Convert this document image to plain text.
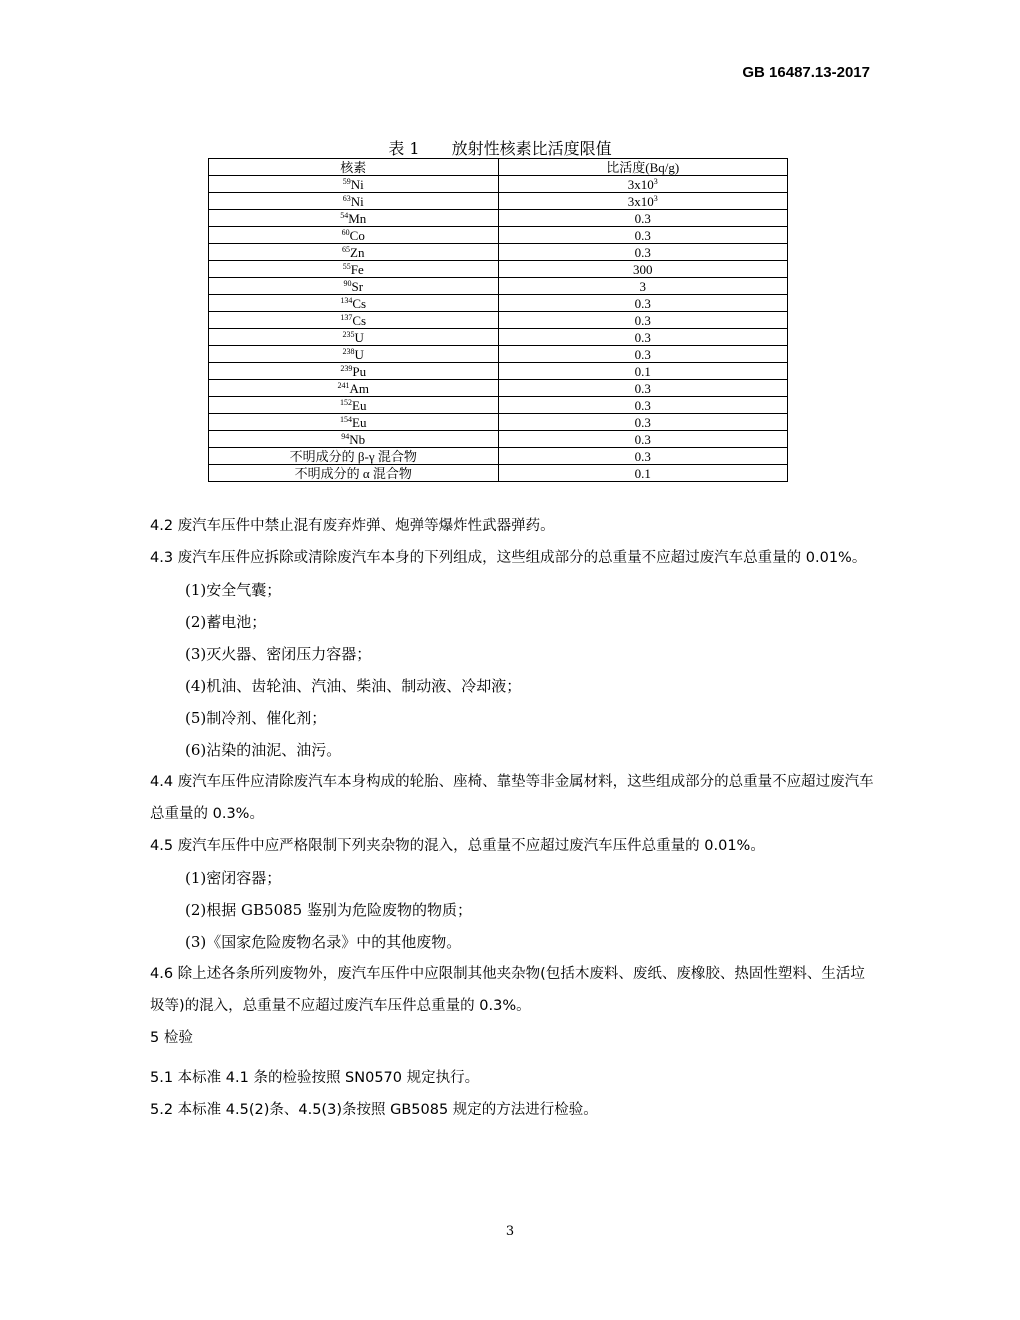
GB 16487.13-2017
表 1 放射性核素比活度限值
核素	比活度(Bq/g)
$^{59}$Ni	$3x10^3$
$^{63}$Ni	$3x10^3$
$^{54}$Mn	0.3
$^{60}$Co	0.3
$^{65}$Zn	0.3
$^{55}$Fe	300
$^{90}$Sr	3
$^{134}$Cs	0.3
$^{137}$Cs	0.3
$^{235}$U	0.3
$^{238}$U	0.3
$^{239}$Pu	0.1
$^{241}$Am	0.3
$^{152}$Eu	0.3
$^{154}$Eu	0.3
$^{94}$Nb	0.3
不明成分的 β-γ 混合物	0.3
不明成分的 α 混合物	0.1

4.2 废汽车压件中禁止混有废弃炸弹、炮弹等爆炸性武器弹药。

4.3 废汽车压件应拆除或清除废汽车本身的下列组成，这些组成部分的总重量不应超过废汽车总重量的 0.01%。

(1)安全气囊；

(2)蓄电池；

(3)灭火器、密闭压力容器；

(4)机油、齿轮油、汽油、柴油、制动液、冷却液；

(5)制冷剂、催化剂；

(6)沾染的油泥、油污。

4.4 废汽车压件应清除废汽车本身构成的轮胎、座椅、靠垫等非金属材料，这些组成部分的总重量不应超过废汽车总重量的 0.3%。

4.5 废汽车压件中应严格限制下列夹杂物的混入，总重量不应超过废汽车压件总重量的 0.01%。

(1)密闭容器；

(2)根据 GB5085 鉴别为危险废物的物质；

(3)《国家危险废物名录》中的其他废物。

4.6 除上述各条所列废物外，废汽车压件中应限制其他夹杂物(包括木废料、废纸、废橡胶、热固性塑料、生活垃圾等)的混入，总重量不应超过废汽车压件总重量的 0.3%。

5 检验

5.1 本标准 4.1 条的检验按照 SN0570 规定执行。

5.2 本标准 4.5(2)条、4.5(3)条按照 GB5085 规定的方法进行检验。

3
